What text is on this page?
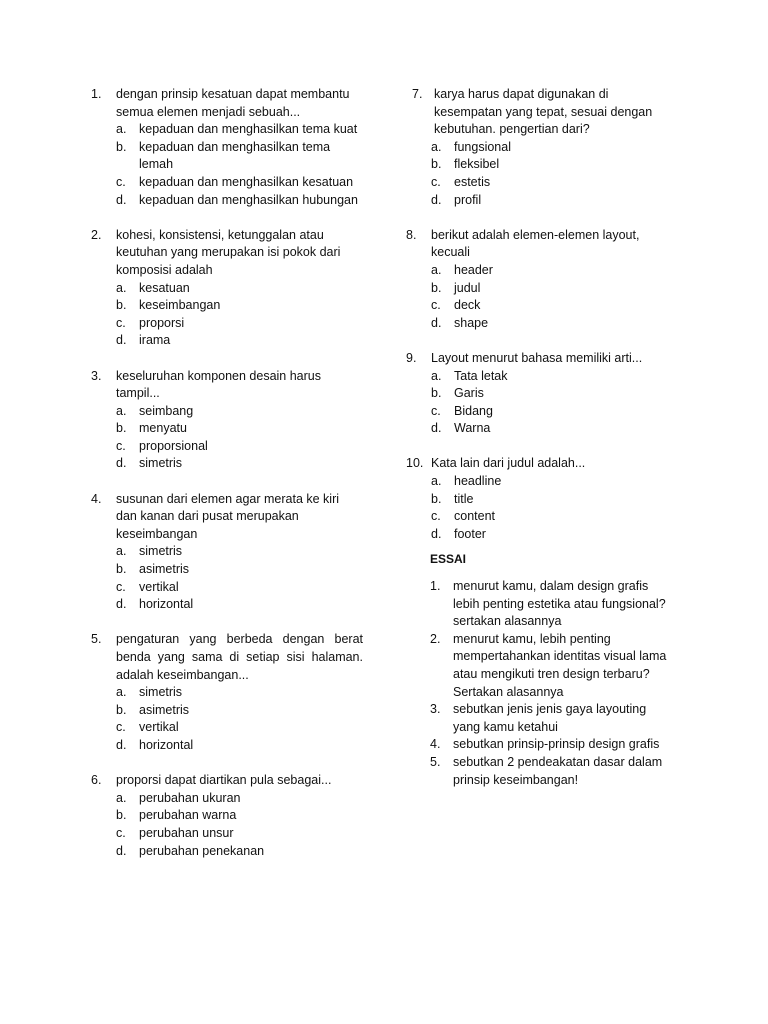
1.	dengan prinsip kesatuan dapat membantu semua elemen menjadi sebuah...
a.	kepaduan dan menghasilkan tema kuat
b.	kepaduan dan menghasilkan tema lemah
c.	kepaduan dan menghasilkan kesatuan
d.	kepaduan dan menghasilkan hubungan
2.	kohesi, konsistensi, ketunggalan atau keutuhan yang merupakan isi pokok dari komposisi adalah
a.	kesatuan
b.	keseimbangan
c.	proporsi
d.	irama
3.	keseluruhan komponen desain harus tampil...
a.	seimbang
b.	menyatu
c.	proporsional
d.	simetris
4.	susunan dari elemen agar merata ke kiri dan kanan dari pusat merupakan keseimbangan
a.	simetris
b.	asimetris
c.	vertikal
d.	horizontal
5.	pengaturan yang berbeda dengan berat benda yang sama di setiap sisi halaman. adalah keseimbangan...
a.	simetris
b.	asimetris
c.	vertikal
d.	horizontal
6.	proporsi dapat diartikan pula sebagai...
a.	perubahan ukuran
b.	perubahan warna
c.	perubahan unsur
d.	perubahan penekanan
7. karya harus dapat digunakan di kesempatan yang tepat, sesuai dengan kebutuhan. pengertian dari?
a.	fungsional
b.	fleksibel
c.	estetis
d.	profil
8.	berikut adalah elemen-elemen layout, kecuali
a.	header
b.	judul
c.	deck
d.	shape
9.	Layout menurut bahasa memiliki arti...
a.	Tata letak
b.	Garis
c.	Bidang
d.	Warna
10. Kata lain dari judul adalah...
a.	headline
b.	title
c.	content
d.	footer
ESSAI
1.	menurut kamu, dalam design grafis lebih penting estetika atau fungsional? sertakan alasannya
2.	menurut kamu, lebih penting mempertahankan identitas visual lama atau mengikuti tren design terbaru? Sertakan alasannya
3.	sebutkan jenis jenis gaya layouting yang kamu ketahui
4.	sebutkan prinsip-prinsip design grafis
5.	sebutkan 2 pendeakatan dasar dalam prinsip keseimbangan!
